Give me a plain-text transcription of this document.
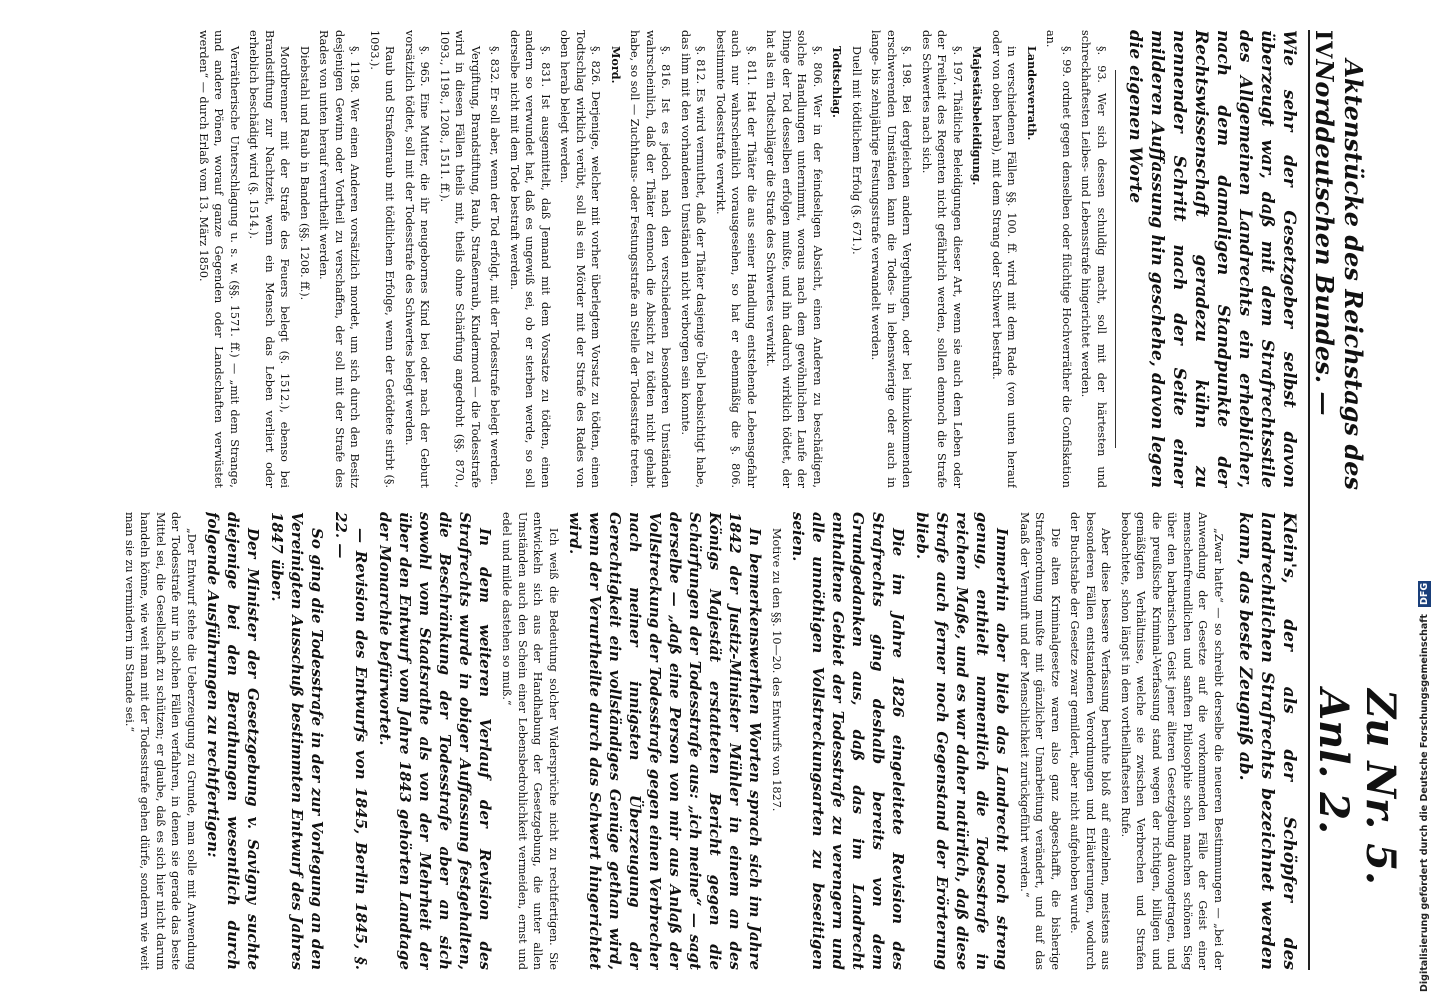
IV
Aktenstücke des Reichstags des Norddeutschen Bundes. —
Zu Nr. 5. Anl. 2.

Wie sehr der Gesetzgeber selbst davon überzeugt war, daß mit dem Strafrechtsstile des Allgemeinen Landrechts ein erheblicher, nach dem damaligen Standpunkte der Rechtswissenschaft geradezu kühn zu nennender Schritt nach der Seite einer milderen Auffassung hin geschehe, davon legen die eigenen Worte

§. 93. Wer sich dessen schuldig macht, soll mit der härtesten und schreckhaftesten Leibes- und Lebensstrafe hingerichtet werden.

§. 99. ordnet gegen denselben oder flüchtige Hochverräther die Confiskation an.

Landesverrath.

in verschiedenen Fällen §§. 100. ff. wird mit dem Rade (von unten herauf oder von oben herab), mit dem Strang oder Schwert bestraft.

Majestätsbeleidigung.

§. 197. Thätliche Beleidigungen dieser Art, wenn sie auch dem Leben oder der Freiheit des Regenten nicht gefährlich werden, sollen dennoch die Strafe des Schwertes nach sich.

§. 198. Bei dergleichen andern Vergehungen, oder bei hinzukommenden erschwerenden Umständen kann die Todes- in lebenswierige oder auch in lange- bis zehnjährige Festungsstrafe verwandelt werden.

Duell mit tödtlichem Erfolg (§. 671.).

Todtschlag.

§. 806. Wer in der feindseligen Absicht, einen Anderen zu beschädigen, solche Handlungen unternimmt, woraus nach dem gewöhnlichen Laufe der Dinge der Tod desselben erfolgen mußte, und ihn dadurch wirklich tödtet, der hat als ein Todtschläger die Strafe des Schwertes verwirkt.

§. 811. Hat der Thäter die aus seiner Handlung entstehende Lebensgefahr auch nur wahrscheinlich vorausgesehen, so hat er ebenmäßig die §. 806. bestimmte Todesstrafe verwirkt.

§. 812. Es wird vermuthet, daß der Thäter dasjenige Übel beabsichtigt habe, das ihm mit den vorhandenen Umständen nicht verborgen sein konnte.

§. 816. Ist es jedoch nach den verschiedenen besonderen Umständen wahrscheinlich, daß der Thäter dennoch die Absicht zu tödten nicht gehabt habe, so soll — Zuchthaus- oder Festungsstrafe an Stelle der Todesstrafe treten.

Mord.

§. 826. Derjenige, welcher mit vorher überlegtem Vorsatz zu tödten, einen Todtschlag wirklich verübt, soll als ein Mörder mit der Strafe des Rades von oben herab belegt werden.

§. 831. Ist ausgemittelt, daß Jemand mit dem Vorsatze zu tödten, einen andern so verwundet hat, daß es ungewiß sei, ob er sterben werde, so soll derselbe nicht mit dem Tode bestraft werden.

§. 832. Er soll aber, wenn der Tod erfolgt, mit der Todesstrafe belegt werden.

Vergiftung, Brandstiftung, Raub, Straßenraub, Kindermord — die Todesstrafe wird in diesen Fällen theils mit, theils ohne Schärfung angedroht (§§. 870., 1093., 1198., 1208., 1511. ff.).

§. 965. Eine Mutter, die ihr neugebornes Kind bei oder nach der Geburt vorsätzlich tödtet, soll mit der Todesstrafe des Schwertes belegt werden.

Raub und Straßenraub mit tödtlichem Erfolge, wenn der Getödtete stirbt (§. 1093.).

§. 1198. Wer einen Anderen vorsätzlich mordet, um sich durch den Besitz desjenigen Gewinn oder Vortheil zu verschaffen, der soll mit der Strafe des Rades von unten herauf verurtheilt werden.

Diebstahl und Raub in Banden (§§. 1208. ff.).

Mordbrenner mit der Strafe des Feuers belegt (§. 1512.), ebenso bei Brandstiftung zur Nachtzeit, wenn ein Mensch das Leben verliert oder erheblich beschädigt wird (§. 1514.).

Verrätherische Unterschlagung u. s. w. (§§. 1571. ff.) — „mit dem Strange, und andere Pönen, worauf ganze Gegenden oder Landschaften verwüstet werden“ — durch Erlaß vom 13. März 1850.

Klein's, der als der Schöpfer des landrechtlichen Strafrechts bezeichnet werden kann, das beste Zeugniß ab.

„Zwar hatte“ — so schreibt derselbe die neueren Bestimmungen — „bei der Anwendung der Gesetze auf die vorkommenden Fälle der Geist einer menschenfreundlichen und sanften Philosophie schon manchen schönen Sieg über den barbarischen Geist jener älteren Gesetzgebung davongetragen, und die preußische Kriminal-Verfassung stand wegen der richtigen, billigen und gemäßigten Verhältnisse, welche sie zwischen Verbrechen und Strafen beobachtete, schon längst in dem vortheilhaftesten Rufe.

Aber diese bessere Verfassung beruhte bloß auf einzelnen, meistens aus besonderen Fällen entstandenen Verordnungen und Erläuterungen, wodurch der Buchstabe der Gesetze zwar gemildert, aber nicht aufgehoben wurde.

Die alten Kriminalgesetze waren also ganz abgeschafft, die bisherige Strafenordnung mußte mit gänzlicher Umarbeitung verändert, und auf das Maaß der Vernunft und der Menschlichkeit zurückgeführt werden.“

Immerhin aber blieb das Landrecht noch streng genug, enthielt namentlich die Todesstrafe in reichem Maße, und es war daher natürlich, daß diese Strafe auch ferner noch Gegenstand der Erörterung blieb.

Die im Jahre 1826 eingeleitete Revision des Strafrechts ging deshalb bereits von dem Grundgedanken aus, daß das im Landrecht enthaltene Gebiet der Todesstrafe zu verengern und alle unnöthigen Vollstreckungsarten zu beseitigen seien.

Motive zu den §§. 10—20. des Entwurfs von 1827.

In bemerkenswerthen Worten sprach sich im Jahre 1842 der Justiz-Minister Mühler in einem an des Königs Majestät erstatteten Bericht gegen die Schärfungen der Todesstrafe aus: „ich meine“ — sagt derselbe — „daß eine Person von mir aus Anlaß der Vollstreckung der Todesstrafe gegen einen Verbrecher nach meiner innigsten Überzeugung der Gerechtigkeit ein vollständiges Genüge gethan wird, wenn der Verurtheilte durch das Schwert hingerichtet wird.

Ich weiß die Bedeutung solcher Widersprüche nicht zu rechtfertigen. Sie entwickeln sich aus der Handhabung der Gesetzgebung, die unter allen Umständen auch den Schein einer Lebensbedrohlichkeit vermeiden, ernst und edel und milde dastehen so muß.“

In dem weiteren Verlauf der Revision des Strafrechts wurde in obiger Auffassung festgehalten, die Beschränkung der Todesstrafe aber an sich sowohl vom Staatsrathe als von der Mehrheit der über den Entwurf vom Jahre 1843 gehörten Landtage der Monarchie befürwortet.

— Revision des Entwurfs von 1845, Berlin 1845, §. 22. —

So ging die Todesstrafe in der zur Vorlegung an den Vereinigten Ausschuß bestimmten Entwurf des Jahres 1847 über.

Der Minister der Gesetzgebung v. Savigny suchte diejenige bei den Berathungen wesentlich durch folgende Ausführungen zu rechtfertigen:

„Der Entwurf stehe die Ueberzeugung zu Grunde, man solle mit Anwendung der Todesstrafe nur in solchen Fällen verfahren, in denen sie gerade das beste Mittel sei, die Gesellschaft zu schützen; er glaube, daß es sich hier nicht darum handeln könne, wie weit man mit der Todesstrafe gehen dürfe, sondern wie weit man sie zu vermindern im Stande sei.“	Digitalisierung gefördert durch die Deutsche Forschungsgemeinschaft DFG
